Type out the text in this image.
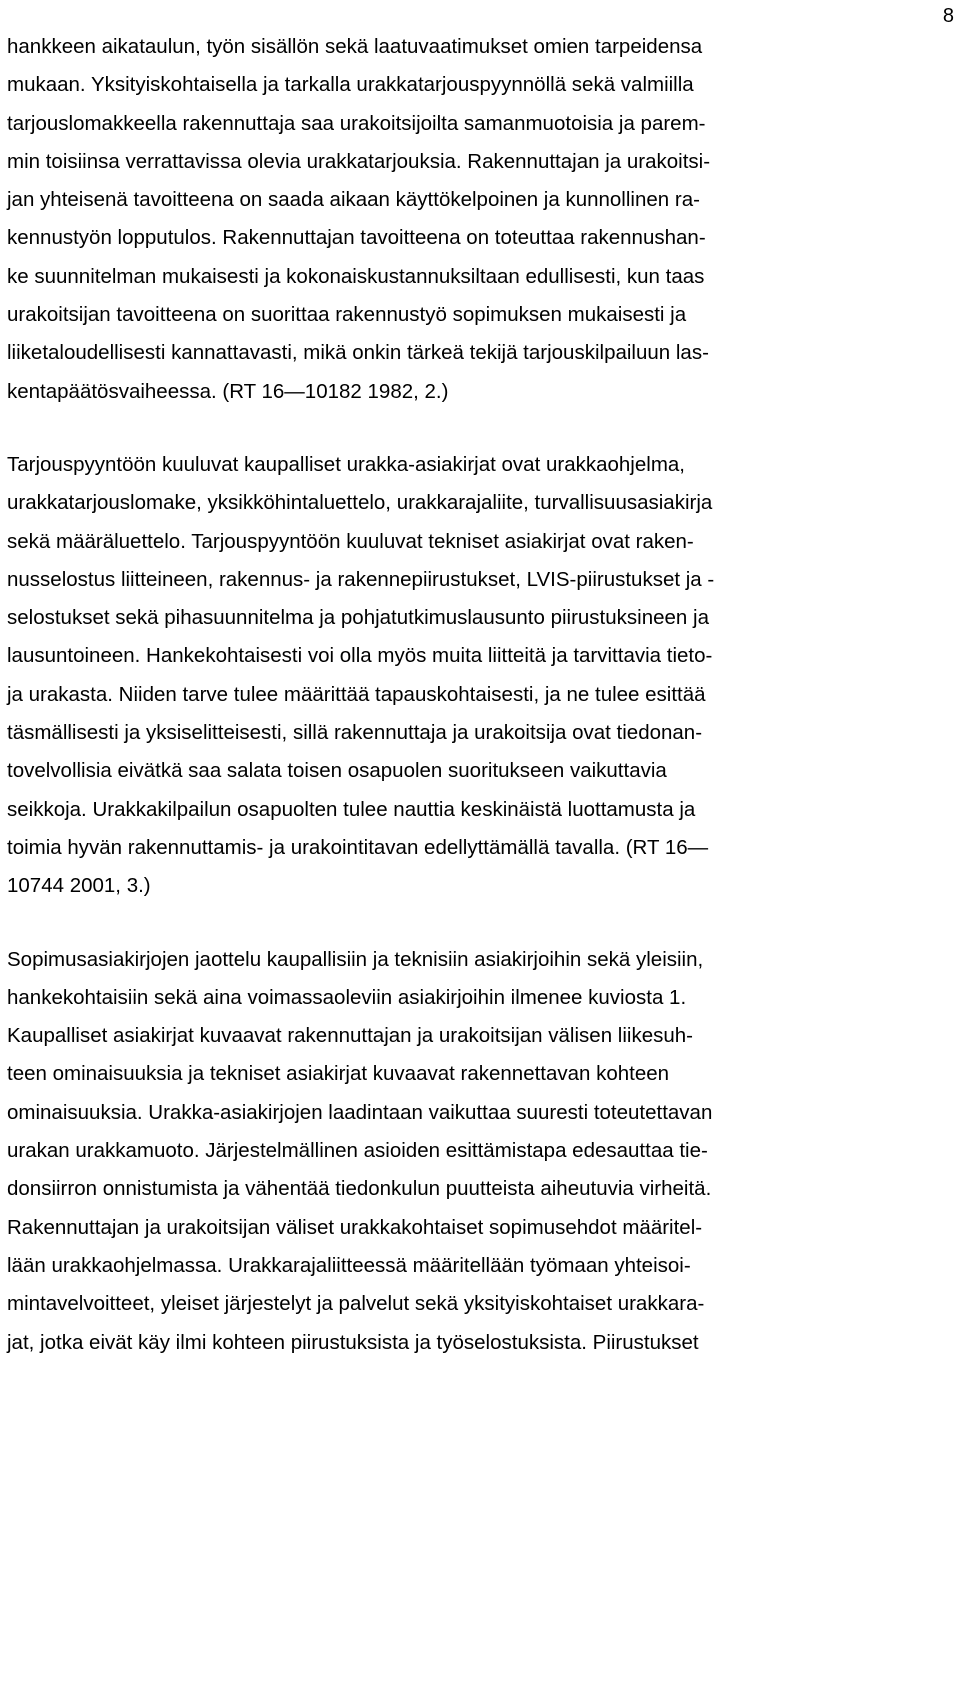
8
hankkeen aikataulun, työn sisällön sekä laatuvaatimukset omien tarpeidensa
mukaan. Yksityiskohtaisella ja tarkalla urakkatarjouspyynnöllä sekä valmiilla
tarjouslomakkeella rakennuttaja saa urakoitsijoilta samanmuotoisia ja parem-
min toisiinsa verrattavissa olevia urakkatarjouksia. Rakennuttajan ja urakoitsi-
jan yhteisenä tavoitteena on saada aikaan käyttökelpoinen ja kunnollinen ra-
kennustyön lopputulos. Rakennuttajan tavoitteena on toteuttaa rakennushan-
ke suunnitelman mukaisesti ja kokonaiskustannuksiltaan edullisesti, kun taas
urakoitsijan tavoitteena on suorittaa rakennustyö sopimuksen mukaisesti ja
liiketaloudellisesti kannattavasti, mikä onkin tärkeä tekijä tarjouskilpailuun las-
kentapäätösvaiheessa. (RT 16—10182 1982, 2.)
Tarjouspyyntöön kuuluvat kaupalliset urakka-asiakirjat ovat urakkaohjelma,
urakkatarjouslomake, yksikköhintaluettelo, urakkarajaliite, turvallisuusasiakirja
sekä määräluettelo. Tarjouspyyntöön kuuluvat tekniset asiakirjat ovat raken-
nusselostus liitteineen, rakennus- ja rakennepiirustukset, LVIS-piirustukset ja -
selostukset sekä pihasuunnitelma ja pohjatutkimuslausunto piirustuksineen ja
lausuntoineen. Hankekohtaisesti voi olla myös muita liitteitä ja tarvittavia tieto-
ja urakasta. Niiden tarve tulee määrittää tapauskohtaisesti, ja ne tulee esittää
täsmällisesti ja yksiselitteisesti, sillä rakennuttaja ja urakoitsija ovat tiedonan-
tovelvollisia eivätkä saa salata toisen osapuolen suoritukseen vaikuttavia
seikkoja. Urakkakilpailun osapuolten tulee nauttia keskinäistä luottamusta ja
toimia hyvän rakennuttamis- ja urakointitavan edellyttämällä tavalla. (RT 16—
10744 2001, 3.)
Sopimusasiakirjojen jaottelu kaupallisiin ja teknisiin asiakirjoihin sekä yleisiin,
hankekohtaisiin sekä aina voimassaoleviin asiakirjoihin ilmenee kuviosta 1.
Kaupalliset asiakirjat kuvaavat rakennuttajan ja urakoitsijan välisen liikesuh-
teen ominaisuuksia ja tekniset asiakirjat kuvaavat rakennettavan kohteen
ominaisuuksia. Urakka-asiakirjojen laadintaan vaikuttaa suuresti toteutettavan
urakan urakkamuoto. Järjestelmällinen asioiden esittämistapa edesauttaa tie-
donsiirron onnistumista ja vähentää tiedonkulun puutteista aiheutuvia virheitä.
Rakennuttajan ja urakoitsijan väliset urakkakohtaiset sopimusehdot määritel-
lään urakkaohjelmassa. Urakkarajaliitteessä määritellään työmaan yhteisoi-
mintavelvoitteet, yleiset järjestelyt ja palvelut sekä yksityiskohtaiset urakkara-
jat, jotka eivät käy ilmi kohteen piirustuksista ja työselostuksista. Piirustukset
